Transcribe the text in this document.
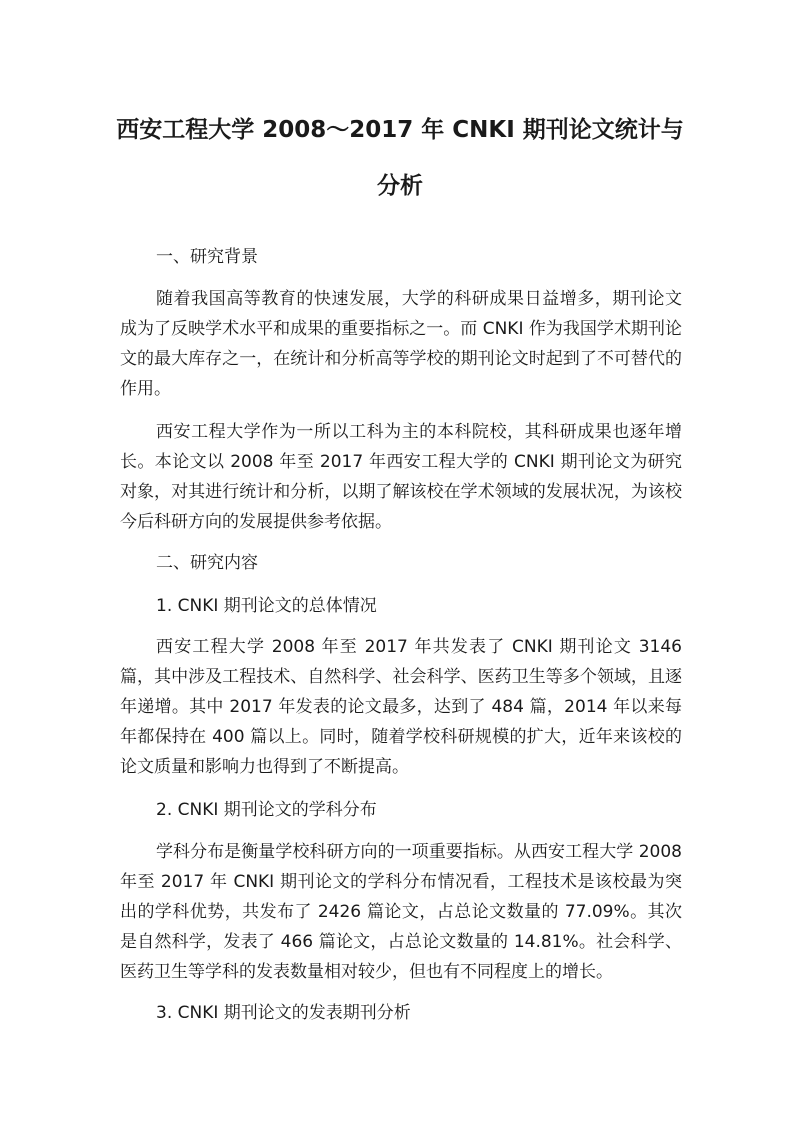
西安工程大学 2008～2017 年 CNKI 期刊论文统计与分析

一、研究背景

随着我国高等教育的快速发展，大学的科研成果日益增多，期刊论文成为了反映学术水平和成果的重要指标之一。而 CNKI 作为我国学术期刊论文的最大库存之一，在统计和分析高等学校的期刊论文时起到了不可替代的作用。

西安工程大学作为一所以工科为主的本科院校，其科研成果也逐年增长。本论文以 2008 年至 2017 年西安工程大学的 CNKI 期刊论文为研究对象，对其进行统计和分析，以期了解该校在学术领域的发展状况，为该校今后科研方向的发展提供参考依据。

二、研究内容

1. CNKI 期刊论文的总体情况

西安工程大学 2008 年至 2017 年共发表了 CNKI 期刊论文 3146 篇，其中涉及工程技术、自然科学、社会科学、医药卫生等多个领域，且逐年递增。其中 2017 年发表的论文最多，达到了 484 篇，2014 年以来每年都保持在 400 篇以上。同时，随着学校科研规模的扩大，近年来该校的论文质量和影响力也得到了不断提高。

2. CNKI 期刊论文的学科分布

学科分布是衡量学校科研方向的一项重要指标。从西安工程大学 2008 年至 2017 年 CNKI 期刊论文的学科分布情况看，工程技术是该校最为突出的学科优势，共发布了 2426 篇论文，占总论文数量的 77.09%。其次是自然科学，发表了 466 篇论文，占总论文数量的 14.81%。社会科学、医药卫生等学科的发表数量相对较少，但也有不同程度上的增长。

3. CNKI 期刊论文的发表期刊分析
